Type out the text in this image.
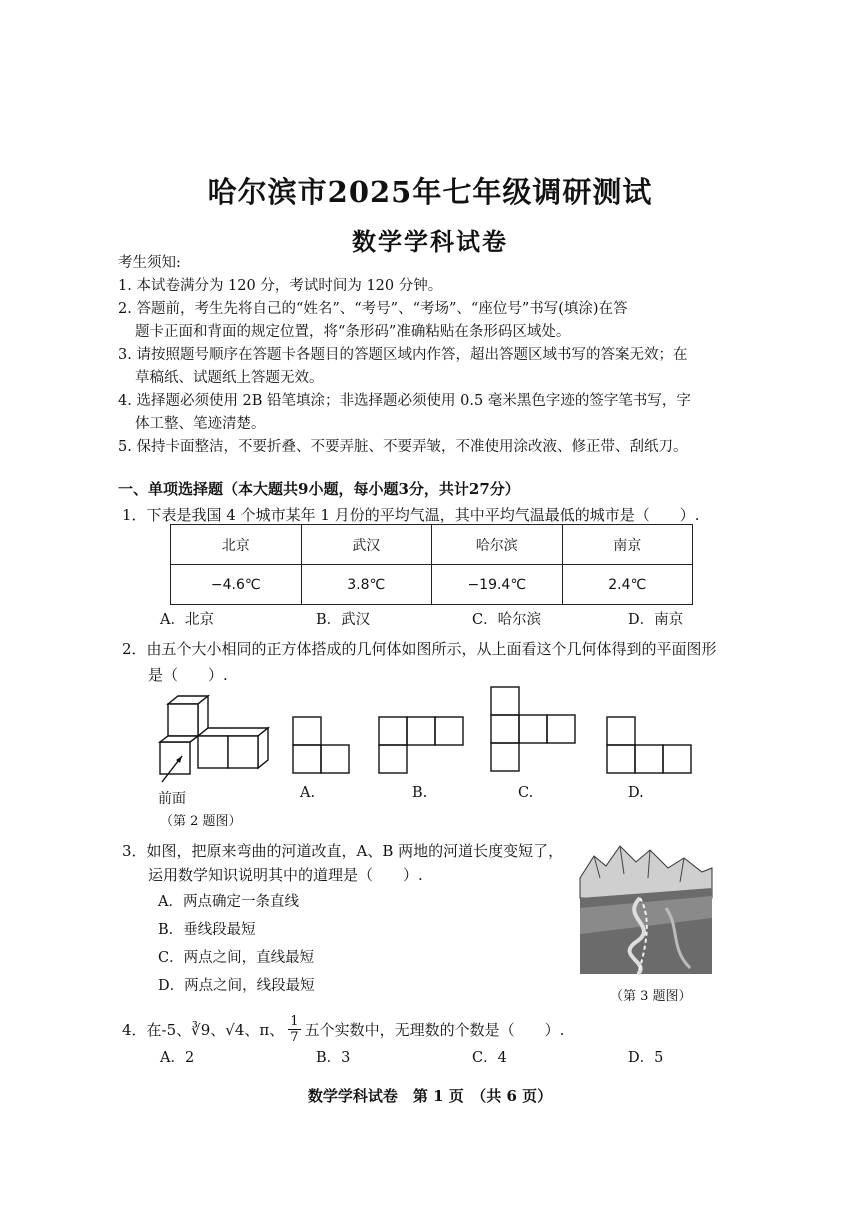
哈尔滨市2025年七年级调研测试
数学学科试卷
考生须知:
1. 本试卷满分为 120 分，考试时间为 120 分钟。
2. 答题前，考生先将自己的“姓名”、“考号”、“考场”、“座位号”书写(填涂)在答
题卡正面和背面的规定位置，将“条形码”准确粘贴在条形码区域处。
3. 请按照题号顺序在答题卡各题目的答题区域内作答，超出答题区域书写的答案无效；在
草稿纸、试题纸上答题无效。
4. 选择题必须使用 2B 铅笔填涂；非选择题必须使用 0.5 毫米黑色字迹的签字笔书写，字
体工整、笔迹清楚。
5. 保持卡面整洁，不要折叠、不要弄脏、不要弄皱，不准使用涂改液、修正带、刮纸刀。
一、单项选择题（本大题共9小题，每小题3分，共计27分）
1．下表是我国 4 个城市某年 1 月份的平均气温，其中平均气温最低的城市是（　　）.
北京	武汉	哈尔滨	南京
−4.6℃	3.8℃	−19.4℃	2.4℃
A．北京	B．武汉	C．哈尔滨	D．南京
2．由五个大小相同的正方体搭成的几何体如图所示，从上面看这个几何体得到的平面图形
是（　　）.
前面
（第 2 题图）
A.	B.	C.	D.
3．如图，把原来弯曲的河道改直，A、B 两地的河道长度变短了，
运用数学知识说明其中的道理是（　　）.
A．两点确定一条直线
B．垂线段最短
C．两点之间，直线最短
D．两点之间，线段最短
（第 3 题图）
4．在-5、 ∛9 、 √4 、 π 、 $\frac{1}{7}$ 五个实数中，无理数的个数是（　　）.
A．2	B．3	C．4	D．5
数学学科试卷　第 1 页　（共 6 页）
